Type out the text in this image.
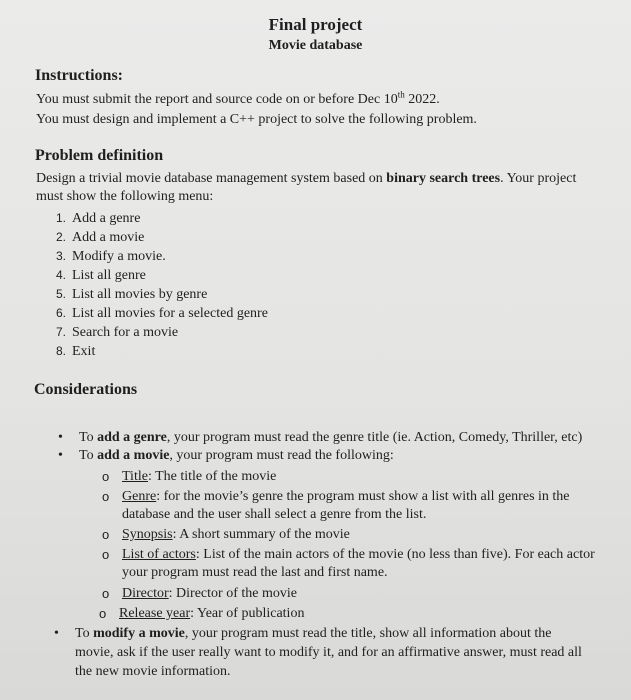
Final project
Movie database
Instructions:
You must submit the report and source code on or before Dec 10th 2022.
You must design and implement a C++ project to solve the following problem.
Problem definition
Design a trivial movie database management system based on binary search trees. Your project
must show the following menu:
1. Add a genre
2. Add a movie
3. Modify a movie.
4. List all genre
5. List all movies by genre
6. List all movies for a selected genre
7. Search for a movie
8. Exit
Considerations
• To add a genre, your program must read the genre title (ie. Action, Comedy, Thriller, etc)
• To add a movie, your program must read the following:
o Title: The title of the movie
o Genre: for the movie’s genre the program must show a list with all genres in the
database and the user shall select a genre from the list.
o Synopsis: A short summary of the movie
o List of actors: List of the main actors of the movie (no less than five). For each actor
your program must read the last and first name.
o Director: Director of the movie
o Release year: Year of publication
• To modify a movie, your program must read the title, show all information about the
movie, ask if the user really want to modify it, and for an affirmative answer, must read all
the new movie information.
